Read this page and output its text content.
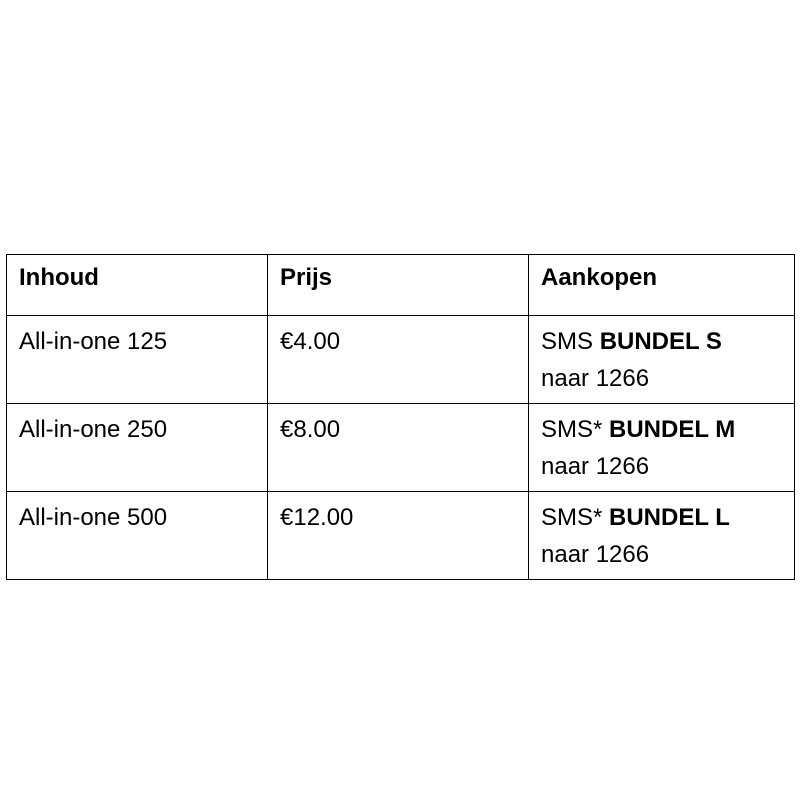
Inhoud	Prijs	Aankopen
All-in-one 125	€4.00	SMS BUNDEL S
naar 1266

All-in-one 250	€8.00	SMS* BUNDEL M
naar 1266

All-in-one 500	€12.00	SMS* BUNDEL L
naar 1266
